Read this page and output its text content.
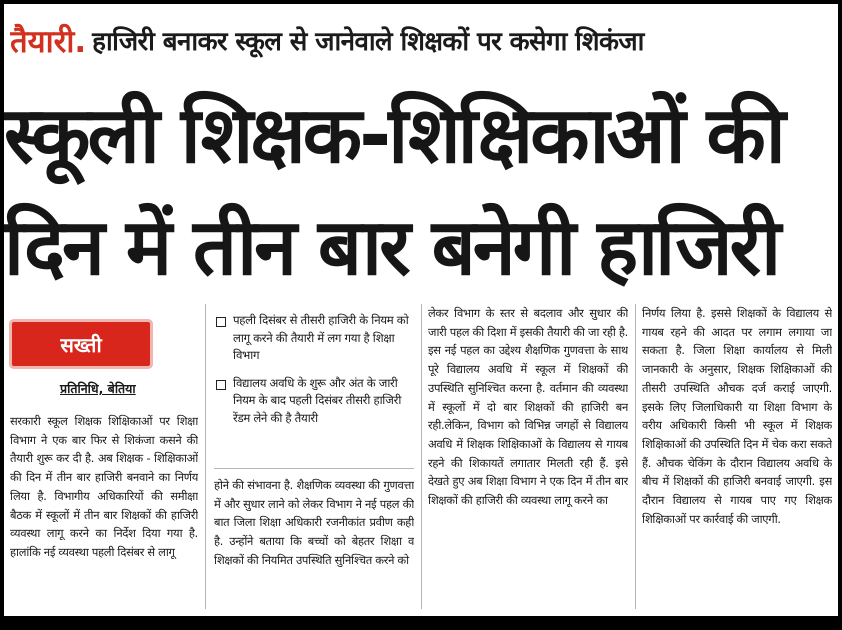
तैयारी . हाजिरी बनाकर स्कूल से जानेवाले शिक्षकों पर कसेगा शिकंजा
स्कूली शिक्षक-शिक्षिकाओं की
दिन में तीन बार बनेगी हाजिरी
सख्ती
प्रतिनिधि, बेतिया

सरकारी स्कूल शिक्षक शिक्षिकाओं पर शिक्षा विभाग ने एक बार फिर से शिकंजा कसने की तैयारी शुरू कर दी है. अब शिक्षक - शिक्षिकाओं की दिन में तीन बार हाजिरी बनवाने का निर्णय लिया है. विभागीय अधिकारियों की समीक्षा बैठक में स्कूलों में तीन बार शिक्षकों की हाजिरी व्यवस्था लागू करने का निर्देश दिया गया है. हालांकि नई व्यवस्था पहली दिसंबर से लागू

पहली दिसंबर से तीसरी हाजिरी के नियम को लागू करने की तैयारी में लग गया है शिक्षा विभाग
विद्यालय अवधि के शुरू और अंत के जारी नियम के बाद पहली दिसंबर तीसरी हाजिरी रेंडम लेने की है तैयारी

होने की संभावना है. शैक्षणिक व्यवस्था की गुणवत्ता में और सुधार लाने को लेकर विभाग ने नई पहल की बात जिला शिक्षा अधिकारी रजनीकांत प्रवीण कही है. उन्होंने बताया कि बच्चों को बेहतर शिक्षा व शिक्षकों की नियमित उपस्थिति सुनिश्चित करने को

लेकर विभाग के स्तर से बदलाव और सुधार की जारी पहल की दिशा में इसकी तैयारी की जा रही है. इस नई पहल का उद्देश्य शैक्षणिक गुणवत्ता के साथ पूरे विद्यालय अवधि में स्कूल में शिक्षकों की उपस्थिति सुनिश्चित करना है. वर्तमान की व्यवस्था में स्कूलों में दो बार शिक्षकों की हाजिरी बन रही.लेकिन, विभाग को विभिन्न जगहों से विद्यालय अवधि में शिक्षक शिक्षिकाओं के विद्यालय से गायब रहने की शिकायतें लगातार मिलती रही हैं. इसे देखते हुए अब शिक्षा विभाग ने एक दिन में तीन बार शिक्षकों की हाजिरी की व्यवस्था लागू करने का

निर्णय लिया है. इससे शिक्षकों के विद्यालय से गायब रहने की आदत पर लगाम लगाया जा सकता है. जिला शिक्षा कार्यालय से मिली जानकारी के अनुसार, शिक्षक शिक्षिकाओं की तीसरी उपस्थिति औचक दर्ज कराई जाएगी. इसके लिए जिलाधिकारी या शिक्षा विभाग के वरीय अधिकारी किसी भी स्कूल में शिक्षक शिक्षिकाओं की उपस्थिति दिन में चेक करा सकते हैं. औचक चेकिंग के दौरान विद्यालय अवधि के बीच में शिक्षकों की हाजिरी बनवाई जाएगी. इस दौरान विद्यालय से गायब पाए गए शिक्षक शिक्षिकाओं पर कार्रवाई की जाएगी.
